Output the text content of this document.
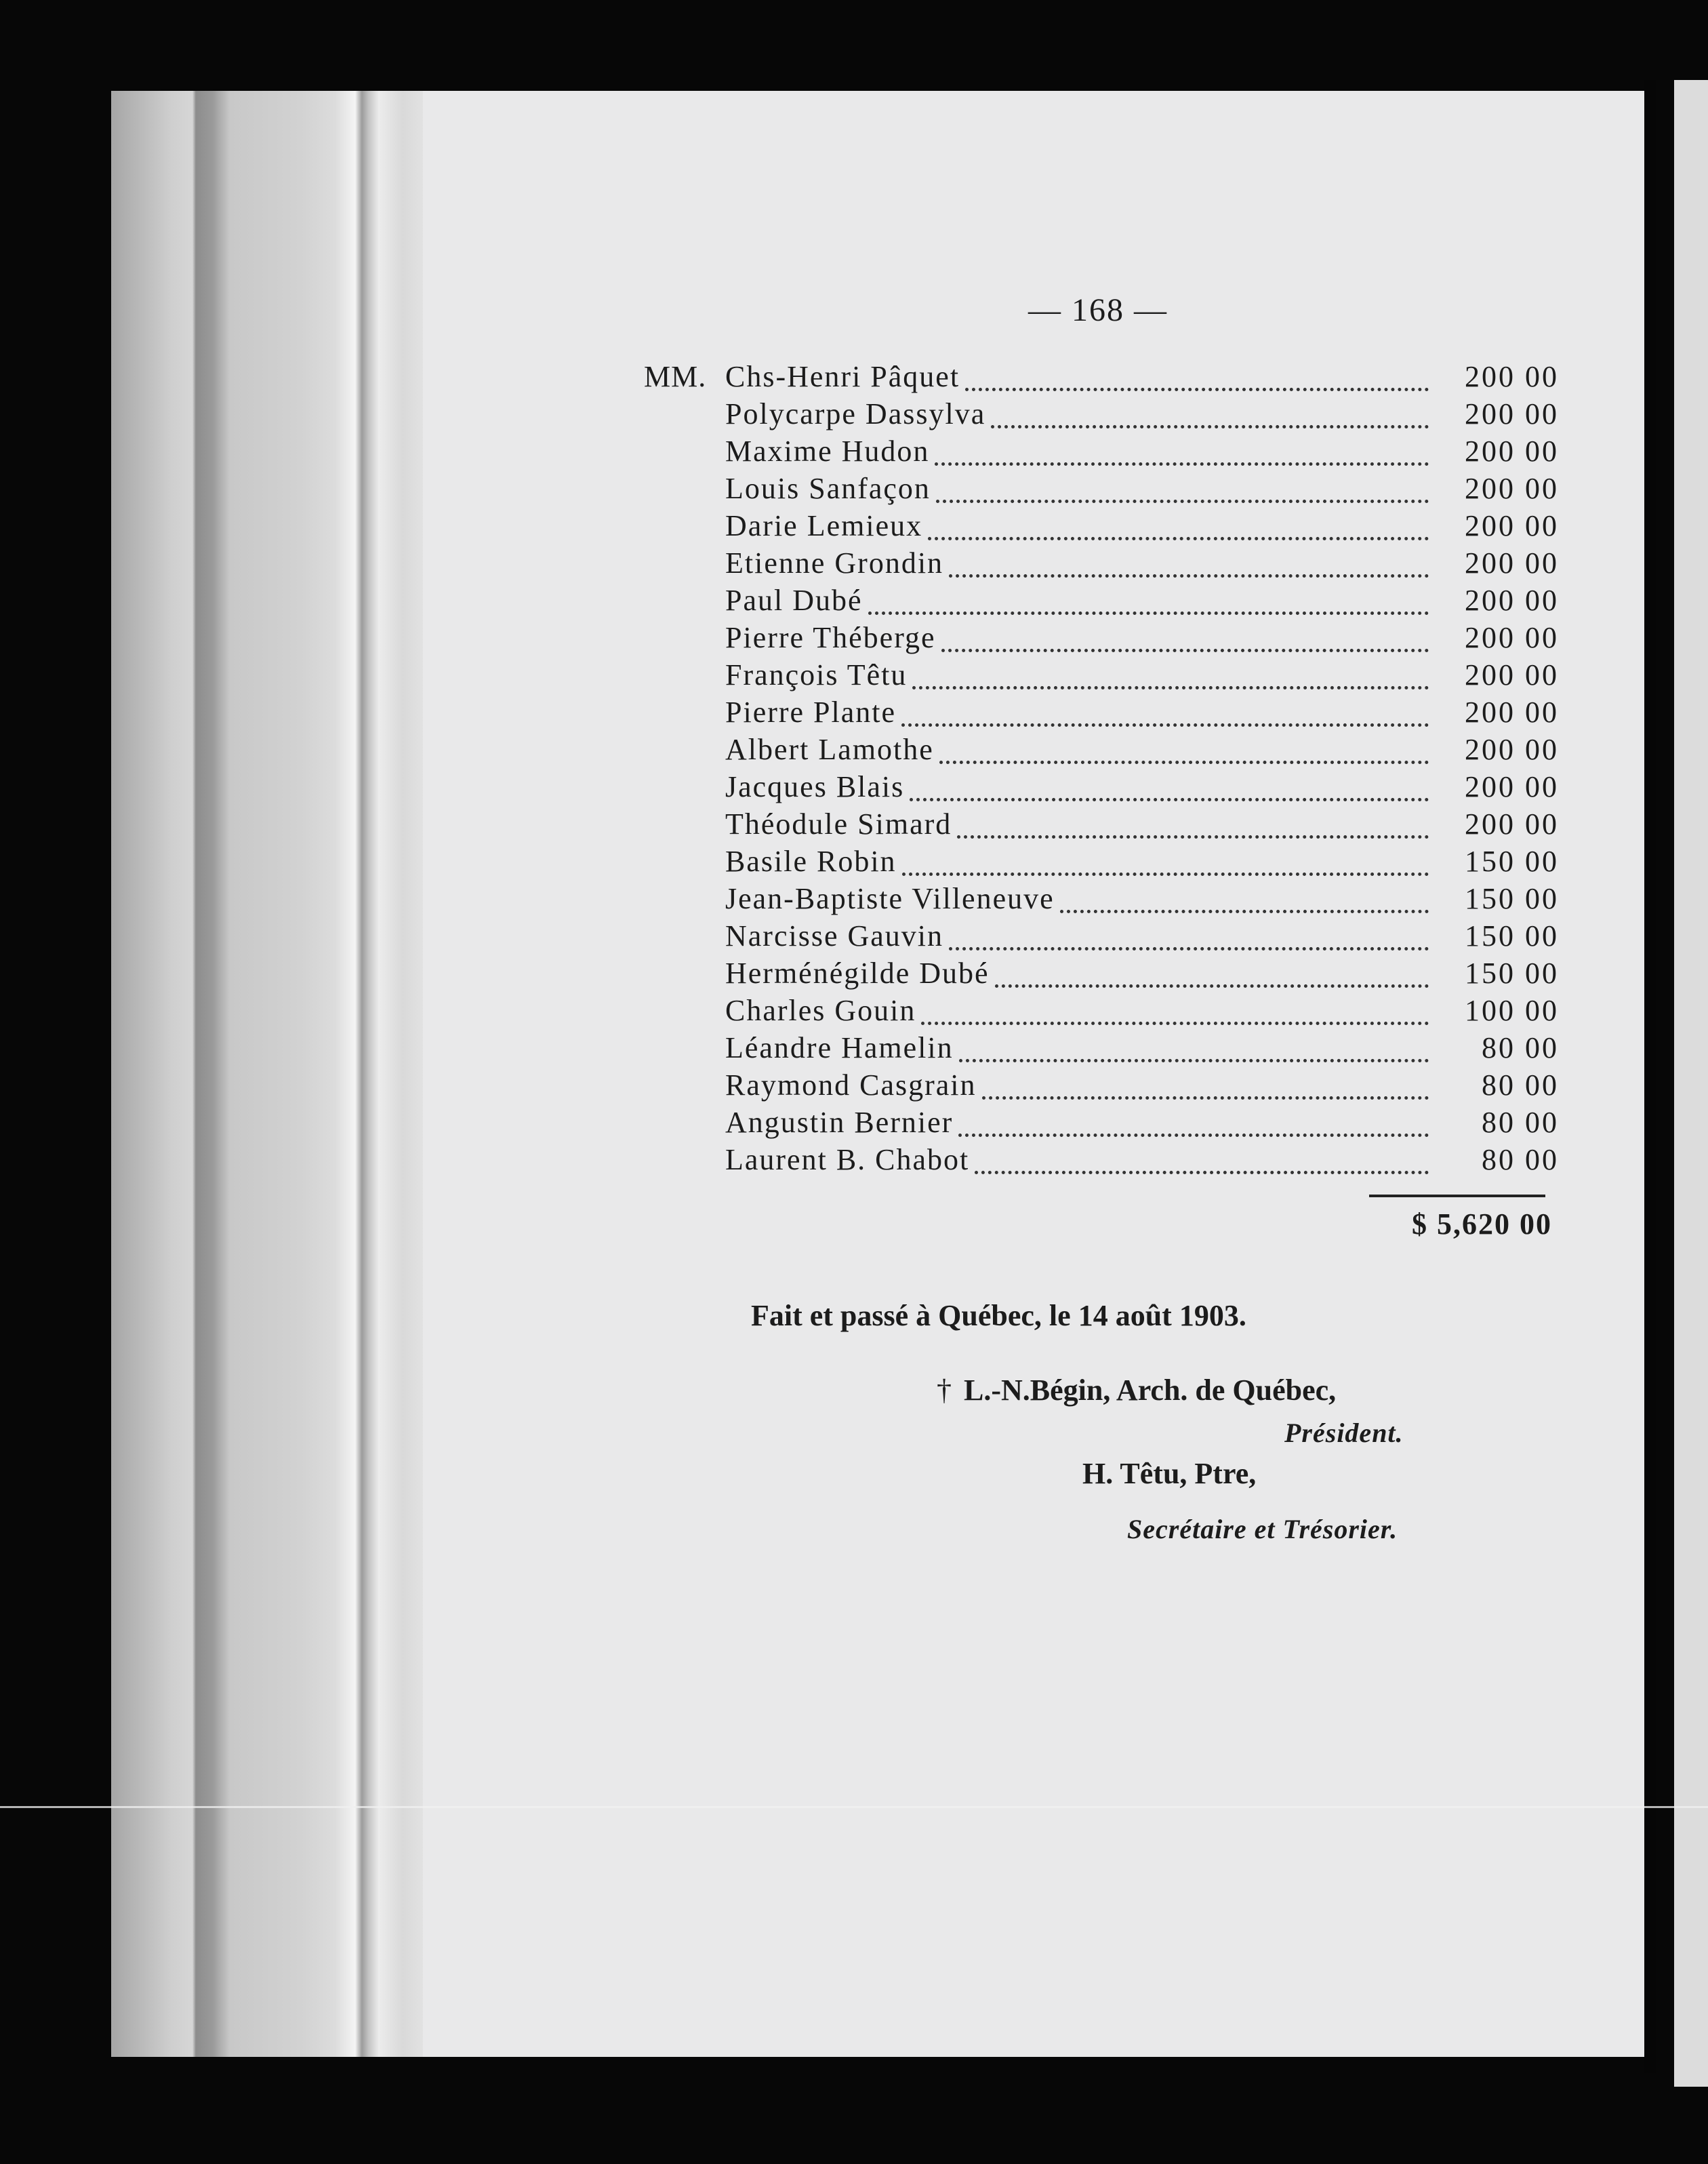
— 168 —
MM. Chs-Henri Pâquet	200 00
Polycarpe Dassylva	200 00
Maxime Hudon	200 00
Louis Sanfaçon	200 00
Darie Lemieux	200 00
Etienne Grondin	200 00
Paul Dubé	200 00
Pierre Théberge	200 00
François Têtu	200 00
Pierre Plante	200 00
Albert Lamothe	200 00
Jacques Blais	200 00
Théodule Simard	200 00
Basile Robin	150 00
Jean-Baptiste Villeneuve	150 00
Narcisse Gauvin	150 00
Herménégilde Dubé	150 00
Charles Gouin	100 00
Léandre Hamelin	80 00
Raymond Casgrain	80 00
Angustin Bernier	80 00
Laurent B. Chabot	80 00
$ 5,620 00
Fait et passé à Québec, le 14 août 1903.
† L.-N.Bégin, Arch. de Québec,
Président.
H. Têtu, Ptre,
Secrétaire et Trésorier.
